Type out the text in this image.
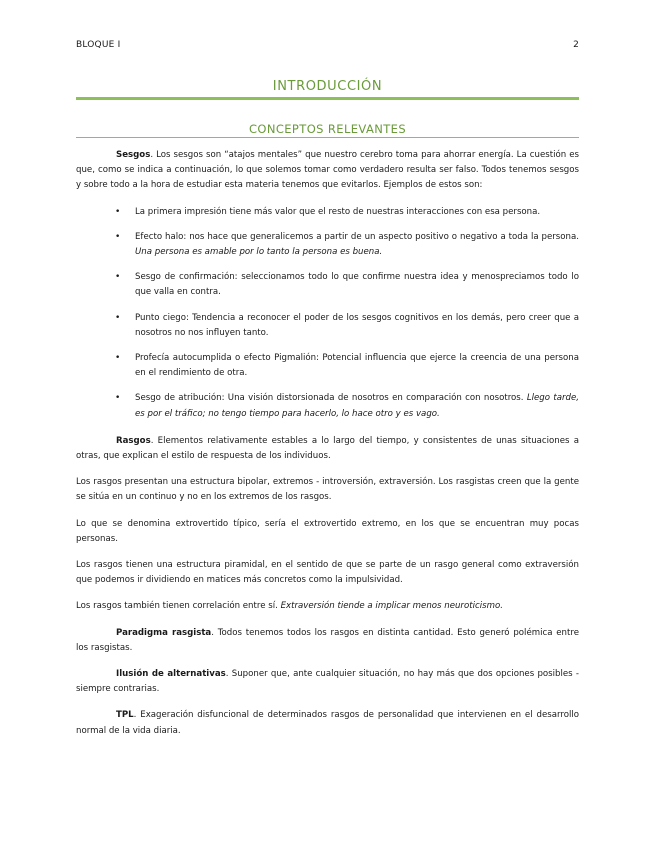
BLOQUE I	2
INTRODUCCIÓN
CONCEPTOS RELEVANTES

Sesgos. Los sesgos son “atajos mentales” que nuestro cerebro toma para ahorrar energía. La cuestión es que, como se indica a continuación, lo que solemos tomar como verdadero resulta ser falso. Todos tenemos sesgos y sobre todo a la hora de estudiar esta materia tenemos que evitarlos. Ejemplos de estos son:

• La primera impresión tiene más valor que el resto de nuestras interacciones con esa persona.
• Efecto halo: nos hace que generalicemos a partir de un aspecto positivo o negativo a toda la persona. Una persona es amable por lo tanto la persona es buena.
• Sesgo de confirmación: seleccionamos todo lo que confirme nuestra idea y menospreciamos todo lo que valla en contra.
• Punto ciego: Tendencia a reconocer el poder de los sesgos cognitivos en los demás, pero creer que a nosotros no nos influyen tanto.
• Profecía autocumplida o efecto Pigmalión: Potencial influencia que ejerce la creencia de una persona en el rendimiento de otra.
• Sesgo de atribución: Una visión distorsionada de nosotros en comparación con nosotros. Llego tarde, es por el tráfico; no tengo tiempo para hacerlo, lo hace otro y es vago.

Rasgos. Elementos relativamente estables a lo largo del tiempo, y consistentes de unas situaciones a otras, que explican el estilo de respuesta de los individuos.

Los rasgos presentan una estructura bipolar, extremos - introversión, extraversión. Los rasgistas creen que la gente se sitúa en un continuo y no en los extremos de los rasgos.

Lo que se denomina extrovertido típico, sería el extrovertido extremo, en los que se encuentran muy pocas personas.

Los rasgos tienen una estructura piramidal, en el sentido de que se parte de un rasgo general como extraversión que podemos ir dividiendo en matices más concretos como la impulsividad.

Los rasgos también tienen correlación entre sí. Extraversión tiende a implicar menos neuroticismo.

Paradigma rasgista. Todos tenemos todos los rasgos en distinta cantidad. Esto generó polémica entre los rasgistas.

Ilusión de alternativas. Suponer que, ante cualquier situación, no hay más que dos opciones posibles - siempre contrarias.

TPL. Exageración disfuncional de determinados rasgos de personalidad que intervienen en el desarrollo normal de la vida diaria.
